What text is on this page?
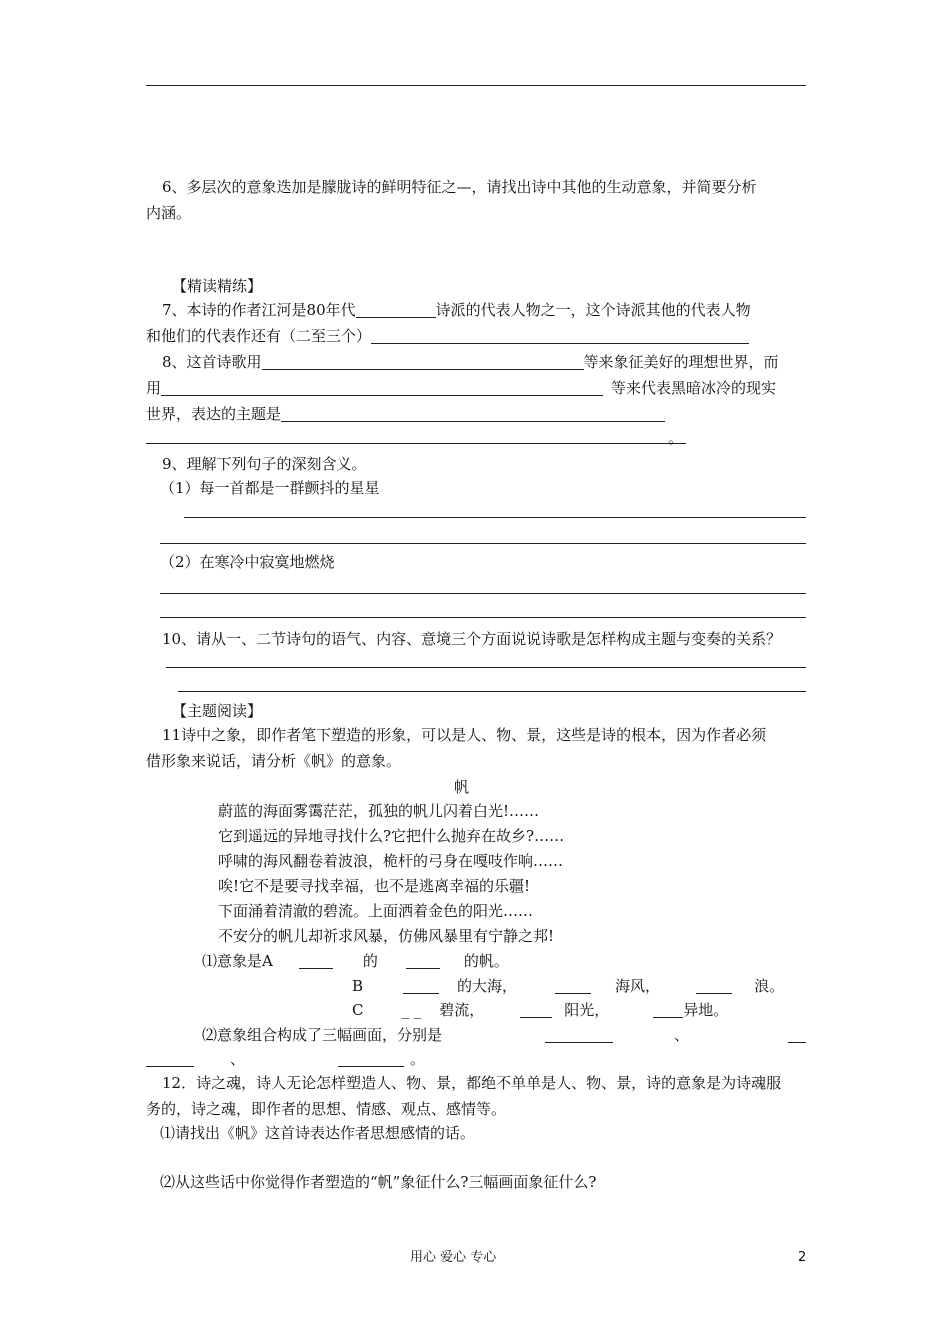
6、多层次的意象迭加是朦胧诗的鲜明特征之—，请找出诗中其他的生动意象，并简要分析
内涵。
【精读精练】
7、本诗的作者江河是80年代	诗派的代表人物之一，这个诗派其他的代表人物
和他们的代表作还有（二至三个）
8、这首诗歌用	等来象征美好的理想世界，而
用	等来代表黑暗冰冷的现实
世界，表达的主题是
。
9、理解下列句子的深刻含义。
（1）每一首都是一群颤抖的星星
（2）在寒冷中寂寞地燃烧
10、请从一、二节诗句的语气、内容、意境三个方面说说诗歌是怎样构成主题与变奏的关系？
【主题阅读】
11诗中之象，即作者笔下塑造的形象，可以是人、物、景，这些是诗的根本，因为作者必须
借形象来说话，请分析《帆》的意象。
帆
蔚蓝的海面雾霭茫茫，孤独的帆儿闪着白光!……
它到遥远的异地寻找什么?它把什么抛弃在故乡?……
呼啸的海风翻卷着波浪，桅杆的弓身在嘎吱作响……
唉!它不是要寻找幸福，也不是逃离幸福的乐疆!
下面涌着清澈的碧流。上面洒着金色的阳光……
不安分的帆儿却祈求风暴，仿佛风暴里有宁静之邦!
⑴意象是A	的	的帆。
B	的大海，	海风，	浪。
C	_ _ 碧流，	阳光，	异地。
⑵意象组合构成了三幅画面，分别是	、
、	。
12．诗之魂，诗人无论怎样塑造人、物、景，都绝不单单是人、物、景，诗的意象是为诗魂服
务的，诗之魂，即作者的思想、情感、观点、感情等。
⑴请找出《帆》这首诗表达作者思想感情的话。
⑵从这些话中你觉得作者塑造的“帆”象征什么?三幅画面象征什么?
用心 爱心 专心	2
